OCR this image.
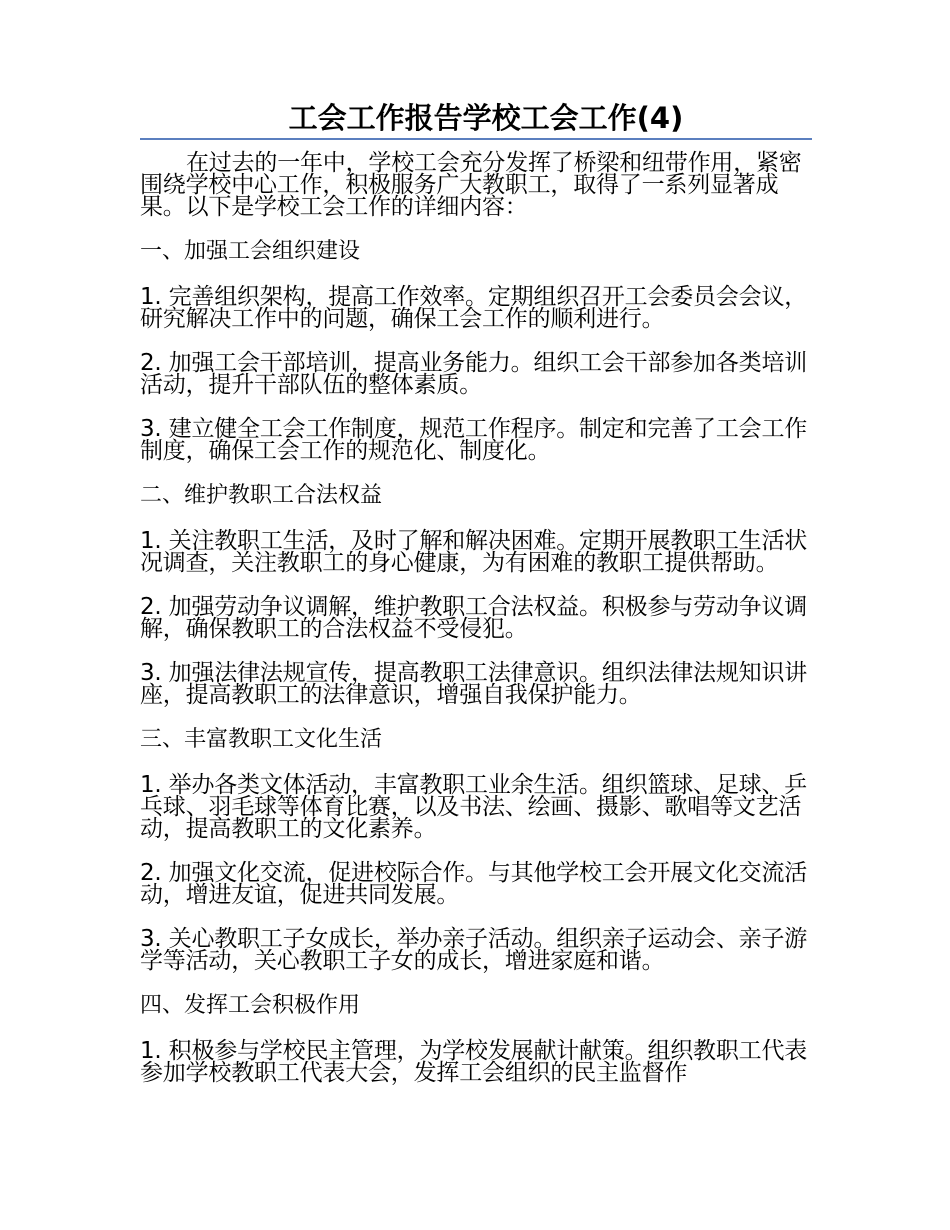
工会工作报告学校工会工作(4)

在过去的一年中，学校工会充分发挥了桥梁和纽带作用，紧密围绕学校中心工作，积极服务广大教职工，取得了一系列显著成果。以下是学校工会工作的详细内容：

一、加强工会组织建设

1. 完善组织架构，提高工作效率。定期组织召开工会委员会会议，研究解决工作中的问题，确保工会工作的顺利进行。

2. 加强工会干部培训，提高业务能力。组织工会干部参加各类培训活动，提升干部队伍的整体素质。

3. 建立健全工会工作制度，规范工作程序。制定和完善了工会工作制度，确保工会工作的规范化、制度化。

二、维护教职工合法权益

1. 关注教职工生活，及时了解和解决困难。定期开展教职工生活状况调查，关注教职工的身心健康，为有困难的教职工提供帮助。

2. 加强劳动争议调解，维护教职工合法权益。积极参与劳动争议调解，确保教职工的合法权益不受侵犯。

3. 加强法律法规宣传，提高教职工法律意识。组织法律法规知识讲座，提高教职工的法律意识，增强自我保护能力。

三、丰富教职工文化生活

1. 举办各类文体活动，丰富教职工业余生活。组织篮球、足球、乒乓球、羽毛球等体育比赛，以及书法、绘画、摄影、歌唱等文艺活动，提高教职工的文化素养。

2. 加强文化交流，促进校际合作。与其他学校工会开展文化交流活动，增进友谊，促进共同发展。

3. 关心教职工子女成长，举办亲子活动。组织亲子运动会、亲子游学等活动，关心教职工子女的成长，增进家庭和谐。

四、发挥工会积极作用

1. 积极参与学校民主管理，为学校发展献计献策。组织教职工代表参加学校教职工代表大会，发挥工会组织的民主监督作
